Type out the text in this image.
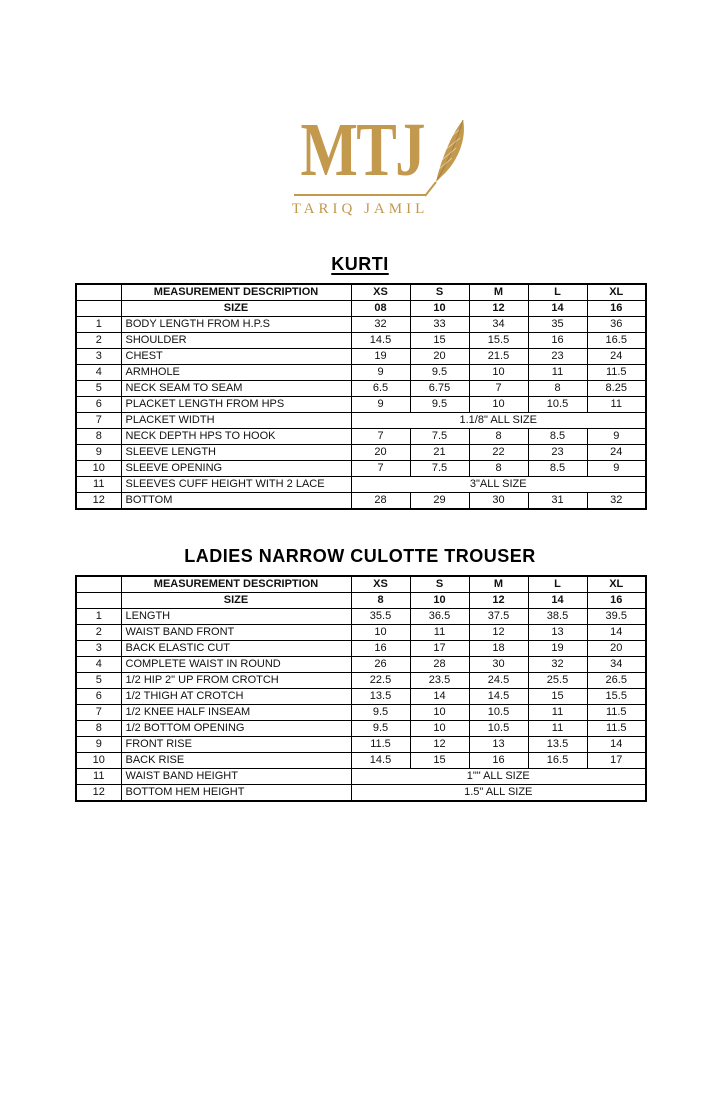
MTJ
TARIQ JAMIL
KURTI
	MEASUREMENT DESCRIPTION	XS	S	M	L	XL
	SIZE	08	10	12	14	16
1	BODY LENGTH FROM H.P.S	32	33	34	35	36
2	SHOULDER	14.5	15	15.5	16	16.5
3	CHEST	19	20	21.5	23	24
4	ARMHOLE	9	9.5	10	11	11.5
5	NECK SEAM TO SEAM	6.5	6.75	7	8	8.25
6	PLACKET LENGTH FROM HPS	9	9.5	10	10.5	11
7	PLACKET WIDTH	1.1/8" ALL SIZE				
8	NECK DEPTH HPS TO HOOK	7	7.5	8	8.5	9
9	SLEEVE LENGTH	20	21	22	23	24
10	SLEEVE OPENING	7	7.5	8	8.5	9
11	SLEEVES CUFF HEIGHT WITH 2 LACE	3"ALL SIZE				
12	BOTTOM	28	29	30	31	32
LADIES NARROW CULOTTE TROUSER
	MEASUREMENT DESCRIPTION	XS	S	M	L	XL
	SIZE	8	10	12	14	16
1	LENGTH	35.5	36.5	37.5	38.5	39.5
2	WAIST BAND FRONT	10	11	12	13	14
3	BACK ELASTIC CUT	16	17	18	19	20
4	COMPLETE WAIST IN ROUND	26	28	30	32	34
5	1/2 HIP 2" UP FROM CROTCH	22.5	23.5	24.5	25.5	26.5
6	1/2 THIGH AT CROTCH	13.5	14	14.5	15	15.5
7	1/2 KNEE HALF INSEAM	9.5	10	10.5	11	11.5
8	1/2 BOTTOM OPENING	9.5	10	10.5	11	11.5
9	FRONT RISE	11.5	12	13	13.5	14
10	BACK RISE	14.5	15	16	16.5	17
11	WAIST BAND HEIGHT	1"" ALL SIZE				
12	BOTTOM HEM HEIGHT	1.5" ALL SIZE				
